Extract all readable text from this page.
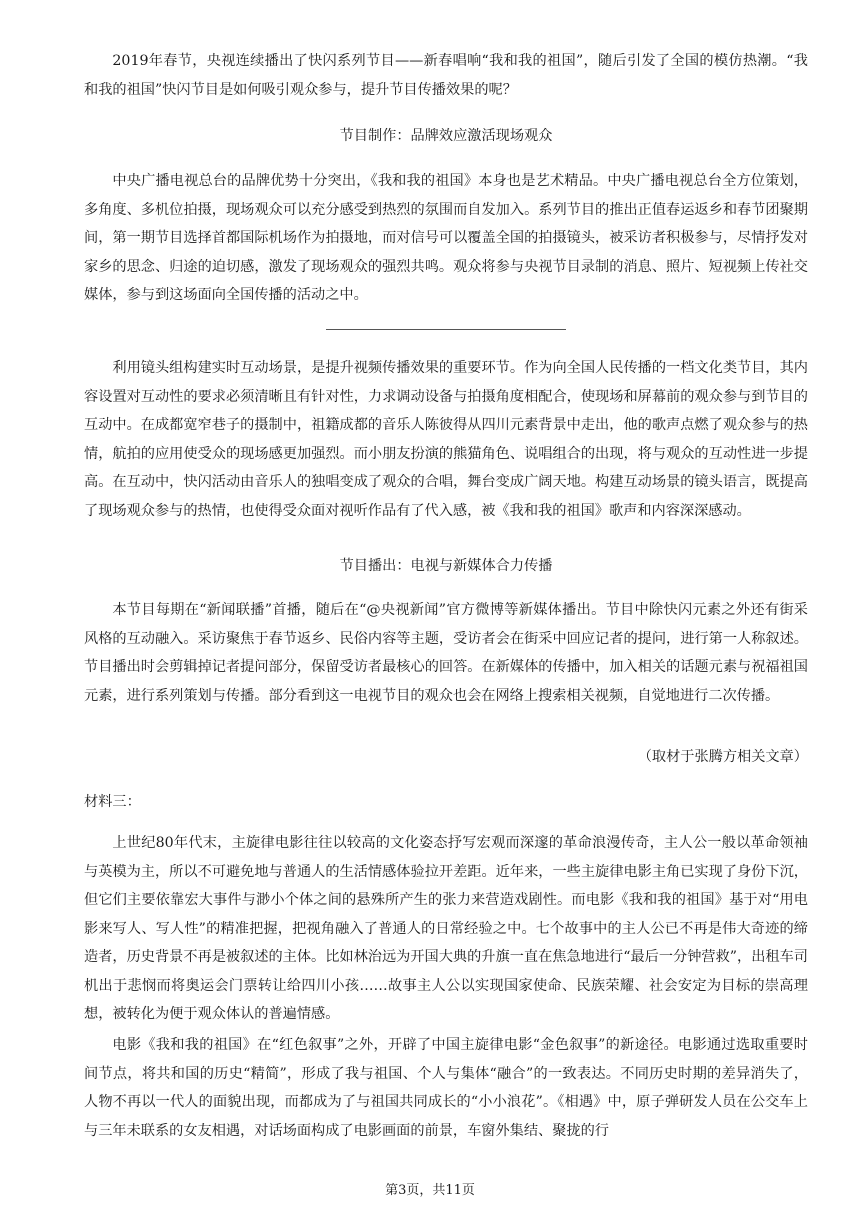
2019年春节，央视连续播出了快闪系列节目——新春唱响“我和我的祖国”，随后引发了全国的模仿热潮。“我和我的祖国”快闪节目是如何吸引观众参与，提升节目传播效果的呢？

节目制作：品牌效应激活现场观众

中央广播电视总台的品牌优势十分突出，《我和我的祖国》本身也是艺术精品。中央广播电视总台全方位策划，多角度、多机位拍摄，现场观众可以充分感受到热烈的氛围而自发加入。系列节目的推出正值春运返乡和春节团聚期间，第一期节目选择首都国际机场作为拍摄地，而对信号可以覆盖全国的拍摄镜头，被采访者积极参与，尽情抒发对家乡的思念、归途的迫切感，激发了现场观众的强烈共鸣。观众将参与央视节目录制的消息、照片、短视频上传社交媒体，参与到这场面向全国传播的活动之中。

利用镜头组构建实时互动场景，是提升视频传播效果的重要环节。作为向全国人民传播的一档文化类节目，其内容设置对互动性的要求必须清晰且有针对性，力求调动设备与拍摄角度相配合，使现场和屏幕前的观众参与到节目的互动中。在成都宽窄巷子的摄制中，祖籍成都的音乐人陈彼得从四川元素背景中走出，他的歌声点燃了观众参与的热情，航拍的应用使受众的现场感更加强烈。而小朋友扮演的熊猫角色、说唱组合的出现，将与观众的互动性进一步提高。在互动中，快闪活动由音乐人的独唱变成了观众的合唱，舞台变成广阔天地。构建互动场景的镜头语言，既提高了现场观众参与的热情，也使得受众面对视听作品有了代入感，被《我和我的祖国》歌声和内容深深感动。

节目播出：电视与新媒体合力传播

本节目每期在“新闻联播”首播，随后在“@央视新闻”官方微博等新媒体播出。节目中除快闪元素之外还有街采风格的互动融入。采访聚焦于春节返乡、民俗内容等主题，受访者会在街采中回应记者的提问，进行第一人称叙述。节目播出时会剪辑掉记者提问部分，保留受访者最核心的回答。在新媒体的传播中，加入相关的话题元素与祝福祖国元素，进行系列策划与传播。部分看到这一电视节目的观众也会在网络上搜索相关视频，自觉地进行二次传播。

（取材于张腾方相关文章）

材料三：

上世纪80年代末，主旋律电影往往以较高的文化姿态抒写宏观而深邃的革命浪漫传奇，主人公一般以革命领袖与英模为主，所以不可避免地与普通人的生活情感体验拉开差距。近年来，一些主旋律电影主角已实现了身份下沉，但它们主要依靠宏大事件与渺小个体之间的悬殊所产生的张力来营造戏剧性。而电影《我和我的祖国》基于对“用电影来写人、写人性”的精准把握，把视角融入了普通人的日常经验之中。七个故事中的主人公已不再是伟大奇迹的缔造者，历史背景不再是被叙述的主体。比如林治远为开国大典的升旗一直在焦急地进行“最后一分钟营救”，出租车司机出于悲悯而将奥运会门票转让给四川小孩……故事主人公以实现国家使命、民族荣耀、社会安定为目标的崇高理想，被转化为便于观众体认的普遍情感。

电影《我和我的祖国》在“红色叙事”之外，开辟了中国主旋律电影“金色叙事”的新途径。电影通过选取重要时间节点，将共和国的历史“精简”，形成了我与祖国、个人与集体“融合”的一致表达。不同历史时期的差异消失了，人物不再以一代人的面貌出现，而都成为了与祖国共同成长的“小小浪花”。《相遇》中，原子弹研发人员在公交车上与三年未联系的女友相遇，对话场面构成了电影画面的前景，车窗外集结、聚拢的行

第3页，共11页
